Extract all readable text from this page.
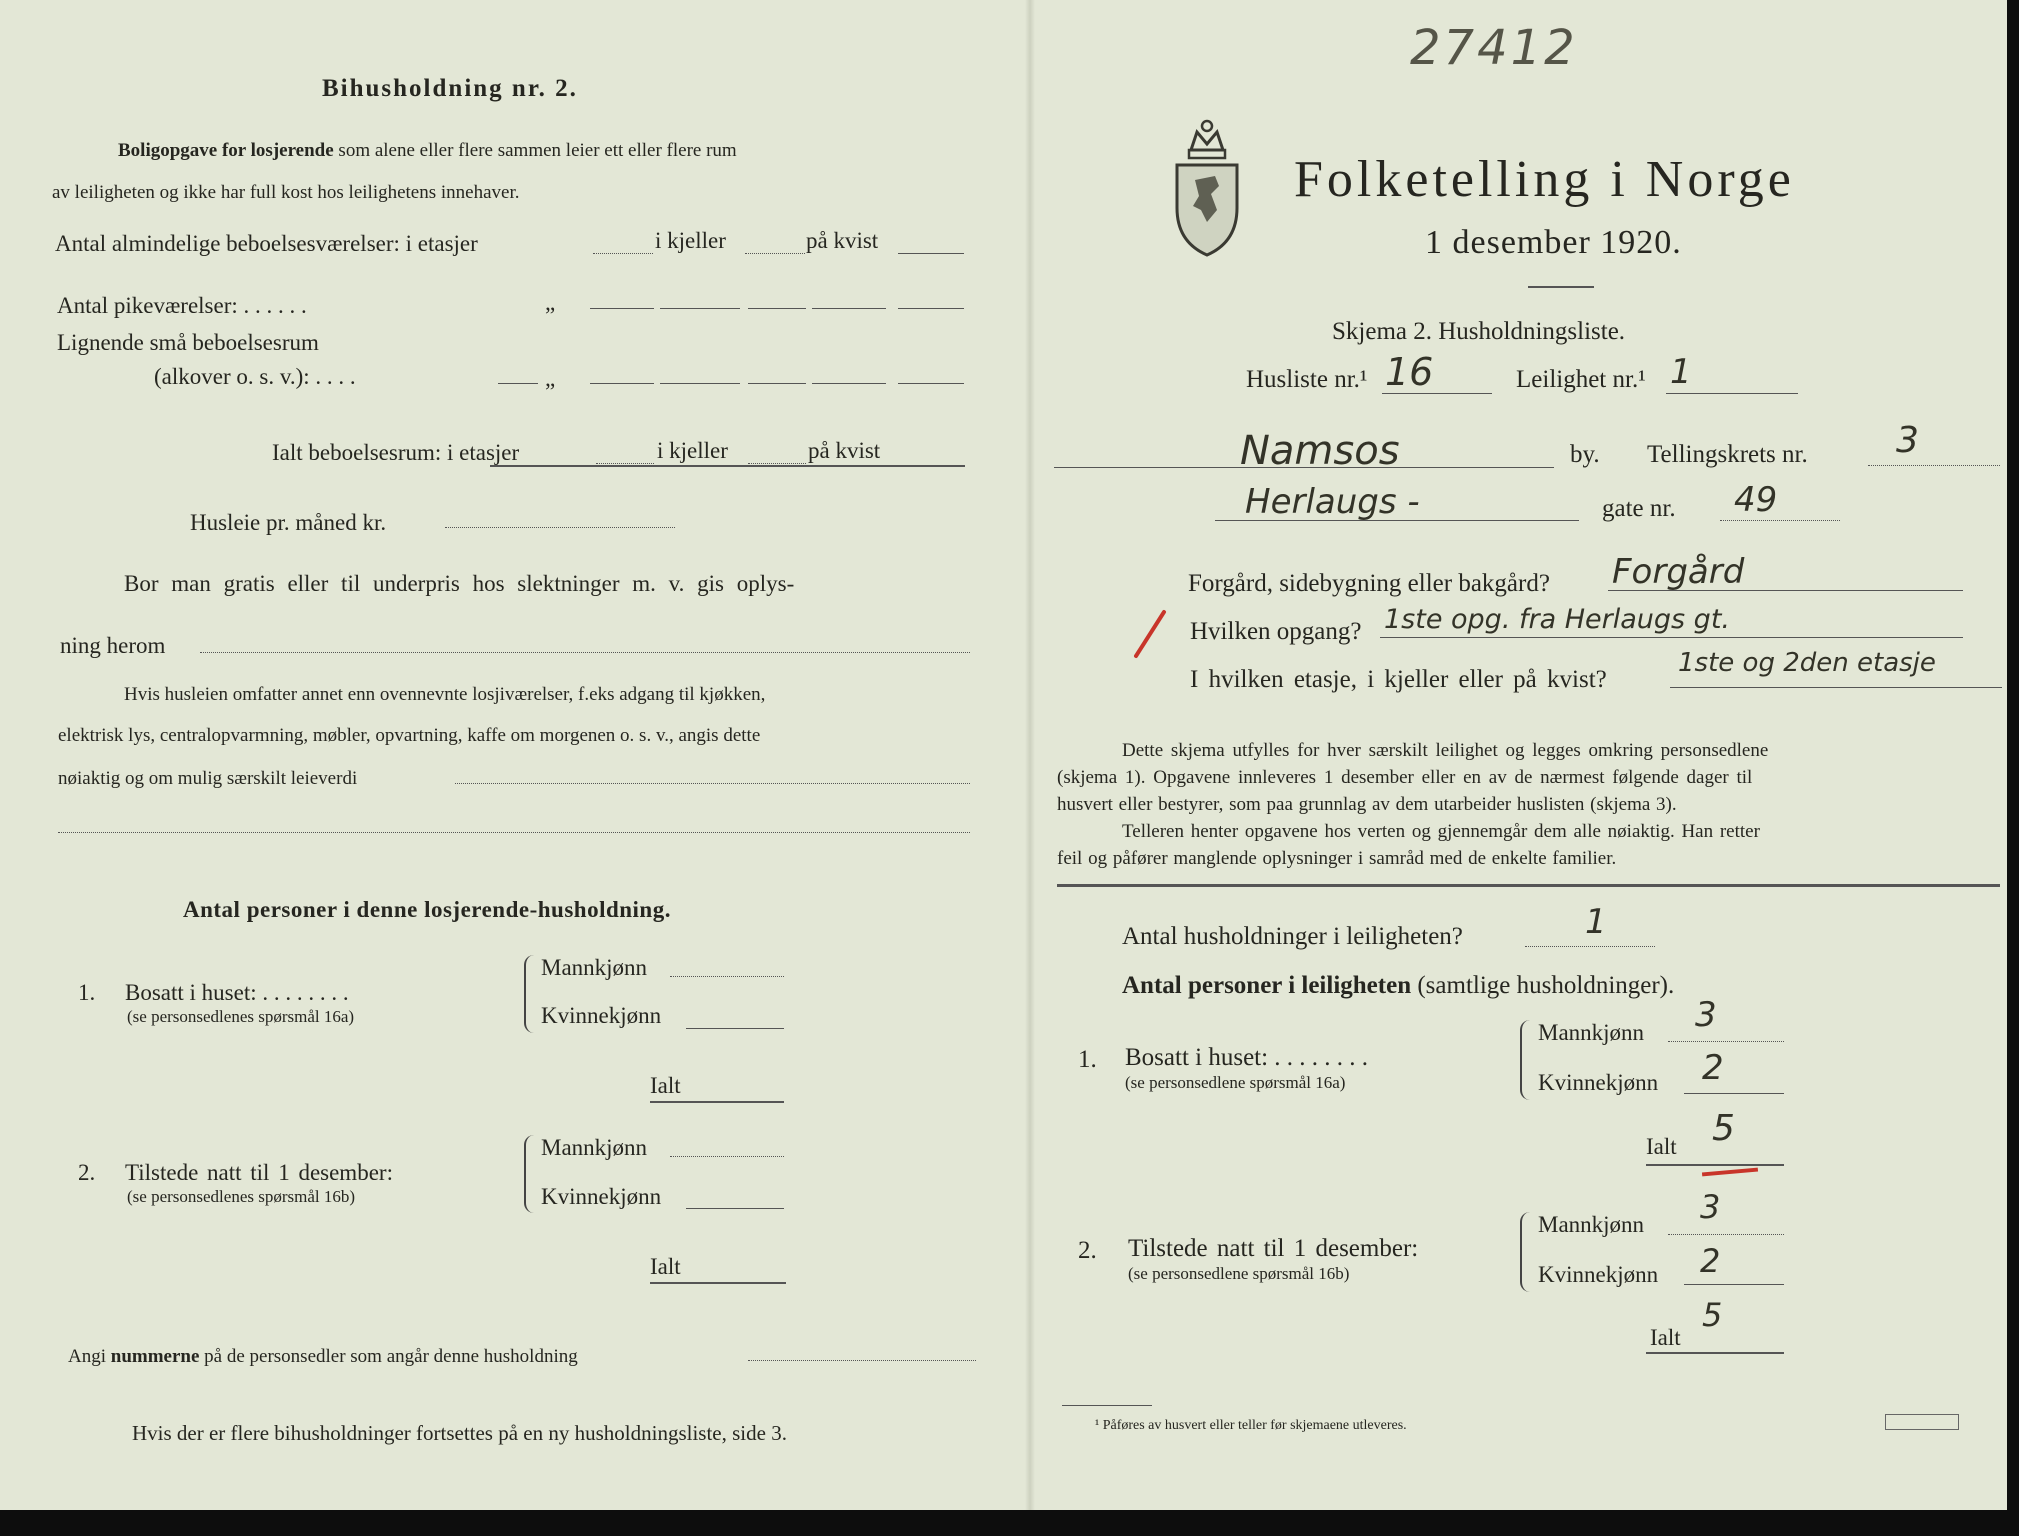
Bihusholdning nr. 2.
Boligopgave for losjerende som alene eller flere sammen leier ett eller flere rum
av leiligheten og ikke har full kost hos leilighetens innehaver.
Antal almindelige beboelsesværelser: i etasjer	i kjeller	på kvist
Antal pikeværelser: . . . . . .	„
Lignende små beboelsesrum
(alkover o. s. v.): . . . .	„
Ialt beboelsesrum: i etasjer	i kjeller	på kvist
Husleie pr. måned kr.
Bor man gratis eller til underpris hos slektninger m. v. gis oplys-
ning herom
Hvis husleien omfatter annet enn ovennevnte losjiværelser, f.eks adgang til kjøkken,
elektrisk lys, centralopvarmning, møbler, opvartning, kaffe om morgenen o. s. v., angis dette
nøiaktig og om mulig særskilt leieverdi
Antal personer i denne losjerende-husholdning.
1. Bosatt i huset: . . . . . . . .
(se personsedlenes spørsmål 16a)
Mannkjønn
Kvinnekjønn
Ialt
2. Tilstede natt til 1 desember:
(se personsedlenes spørsmål 16b)
Mannkjønn
Kvinnekjønn
Ialt
Angi nummerne på de personsedler som angår denne husholdning
Hvis der er flere bihusholdninger fortsettes på en ny husholdningsliste, side 3.
27412
Folketelling i Norge
1 desember 1920.
Skjema 2. Husholdningsliste.
Husliste nr.¹ 16	Leilighet nr.¹ 1
Namsos	by. Tellingskrets nr. 3
Herlaugs -	gate nr. 49
Forgård, sidebygning eller bakgård? Forgård
Hvilken opgang? 1ste opg. fra Herlaugs gt.
I hvilken etasje, i kjeller eller på kvist?
1ste og 2den etasje
Dette skjema utfylles for hver særskilt leilighet og legges omkring personsedlene
(skjema 1). Opgavene innleveres 1 desember eller en av de nærmest følgende dager til
husvert eller bestyrer, som paa grunnlag av dem utarbeider huslisten (skjema 3).
Telleren henter opgavene hos verten og gjennemgår dem alle nøiaktig. Han retter
feil og påfører manglende oplysninger i samråd med de enkelte familier.
Antal husholdninger i leiligheten?	1
Antal personer i leiligheten (samtlige husholdninger).
1. Bosatt i huset: . . . . . . . .
(se personsedlene spørsmål 16a)
Mannkjønn 3
Kvinnekjønn 2
Ialt 5
2. Tilstede natt til 1 desember:
(se personsedlene spørsmål 16b)
Mannkjønn 3
Kvinnekjønn 2
Ialt
5
¹ Påføres av husvert eller teller før skjemaene utleveres.
